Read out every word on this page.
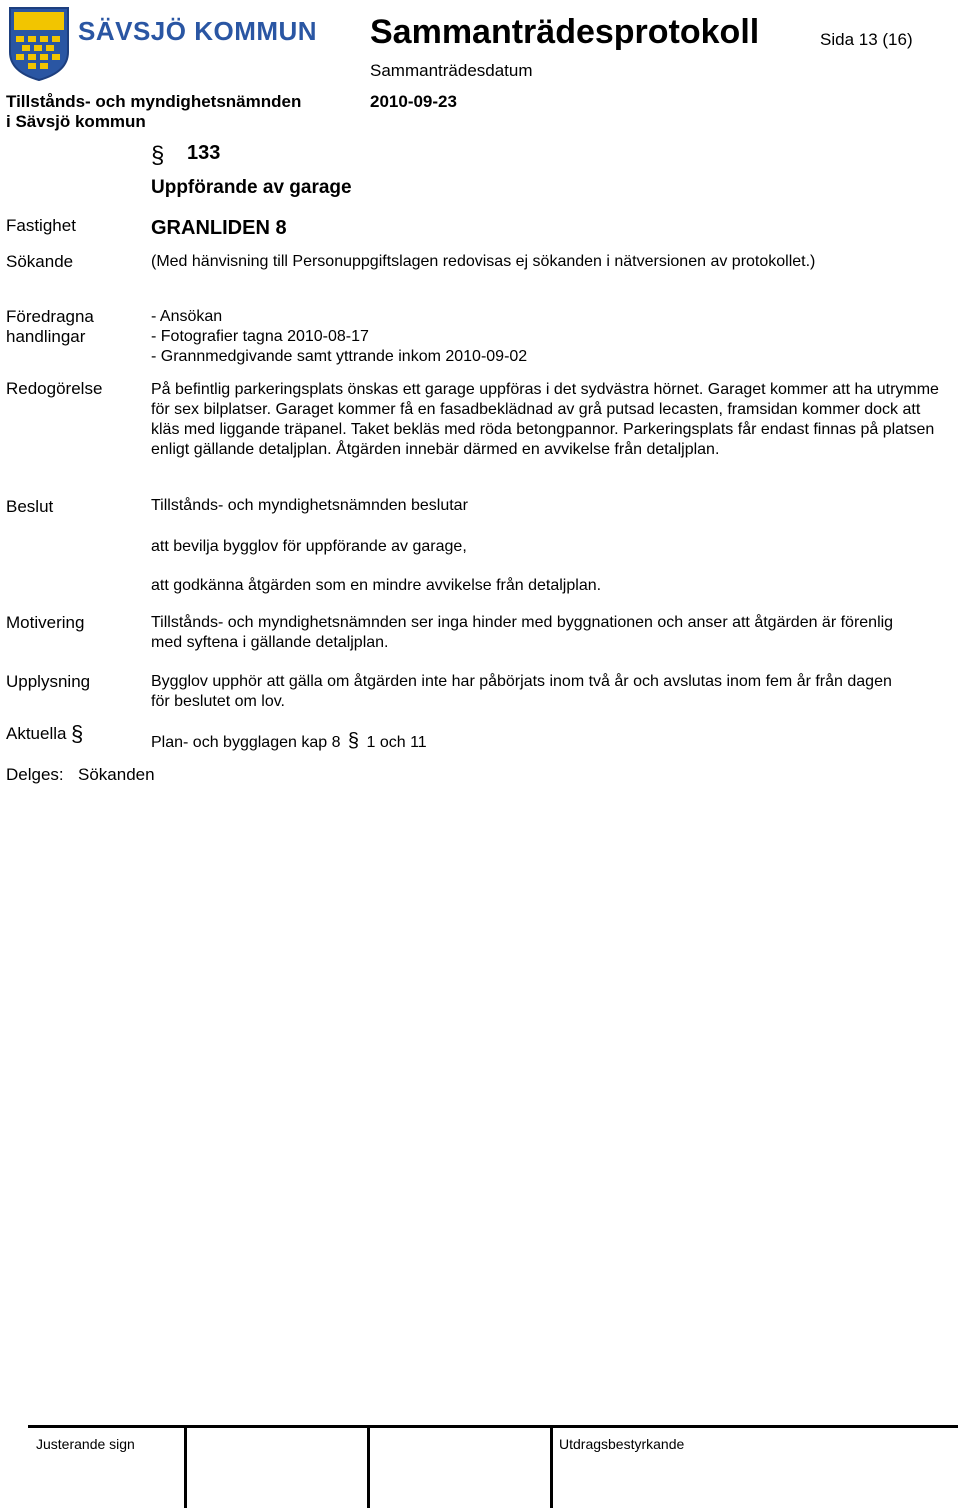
SÄVSJÖ KOMMUN Sammanträdesprotokoll	Sida 13 (16)
Sammanträdesdatum
2010-09-23
Tillstånds- och myndighetsnämnden
i Sävsjö kommun
§ 133
Uppförande av garage
Fastighet	GRANLIDEN 8
Sökande	(Med hänvisning till Personuppgiftslagen redovisas ej sökanden i nätversionen av protokollet.)
Föredragna
handlingar
- Ansökan
- Fotografier tagna 2010-08-17
- Grannmedgivande samt yttrande inkom 2010-09-02
Redogörelse	På befintlig parkeringsplats önskas ett garage uppföras i det sydvästra hörnet. Garaget kommer att ha utrymme för sex bilplatser. Garaget kommer få en fasadbeklädnad av grå putsad lecasten, framsidan kommer dock att kläs med liggande träpanel. Taket bekläs med röda betongpannor. Parkeringsplats får endast finnas på platsen enligt gällande detaljplan. Åtgärden innebär därmed en avvikelse från detaljplan.
Beslut	Tillstånds- och myndighetsnämnden beslutar
att bevilja bygglov för uppförande av garage,
att godkänna åtgärden som en mindre avvikelse från detaljplan.
Motivering	Tillstånds- och myndighetsnämnden ser inga hinder med byggnationen och anser att åtgärden är förenlig med syftena i gällande detaljplan.
Upplysning	Bygglov upphör att gälla om åtgärden inte har påbörjats inom två år och avslutas inom fem år från dagen för beslutet om lov.
Aktuella §	Plan- och bygglagen kap 8 § 1 och 11
Delges: Sökanden
Justerande sign	Utdragsbestyrkande
